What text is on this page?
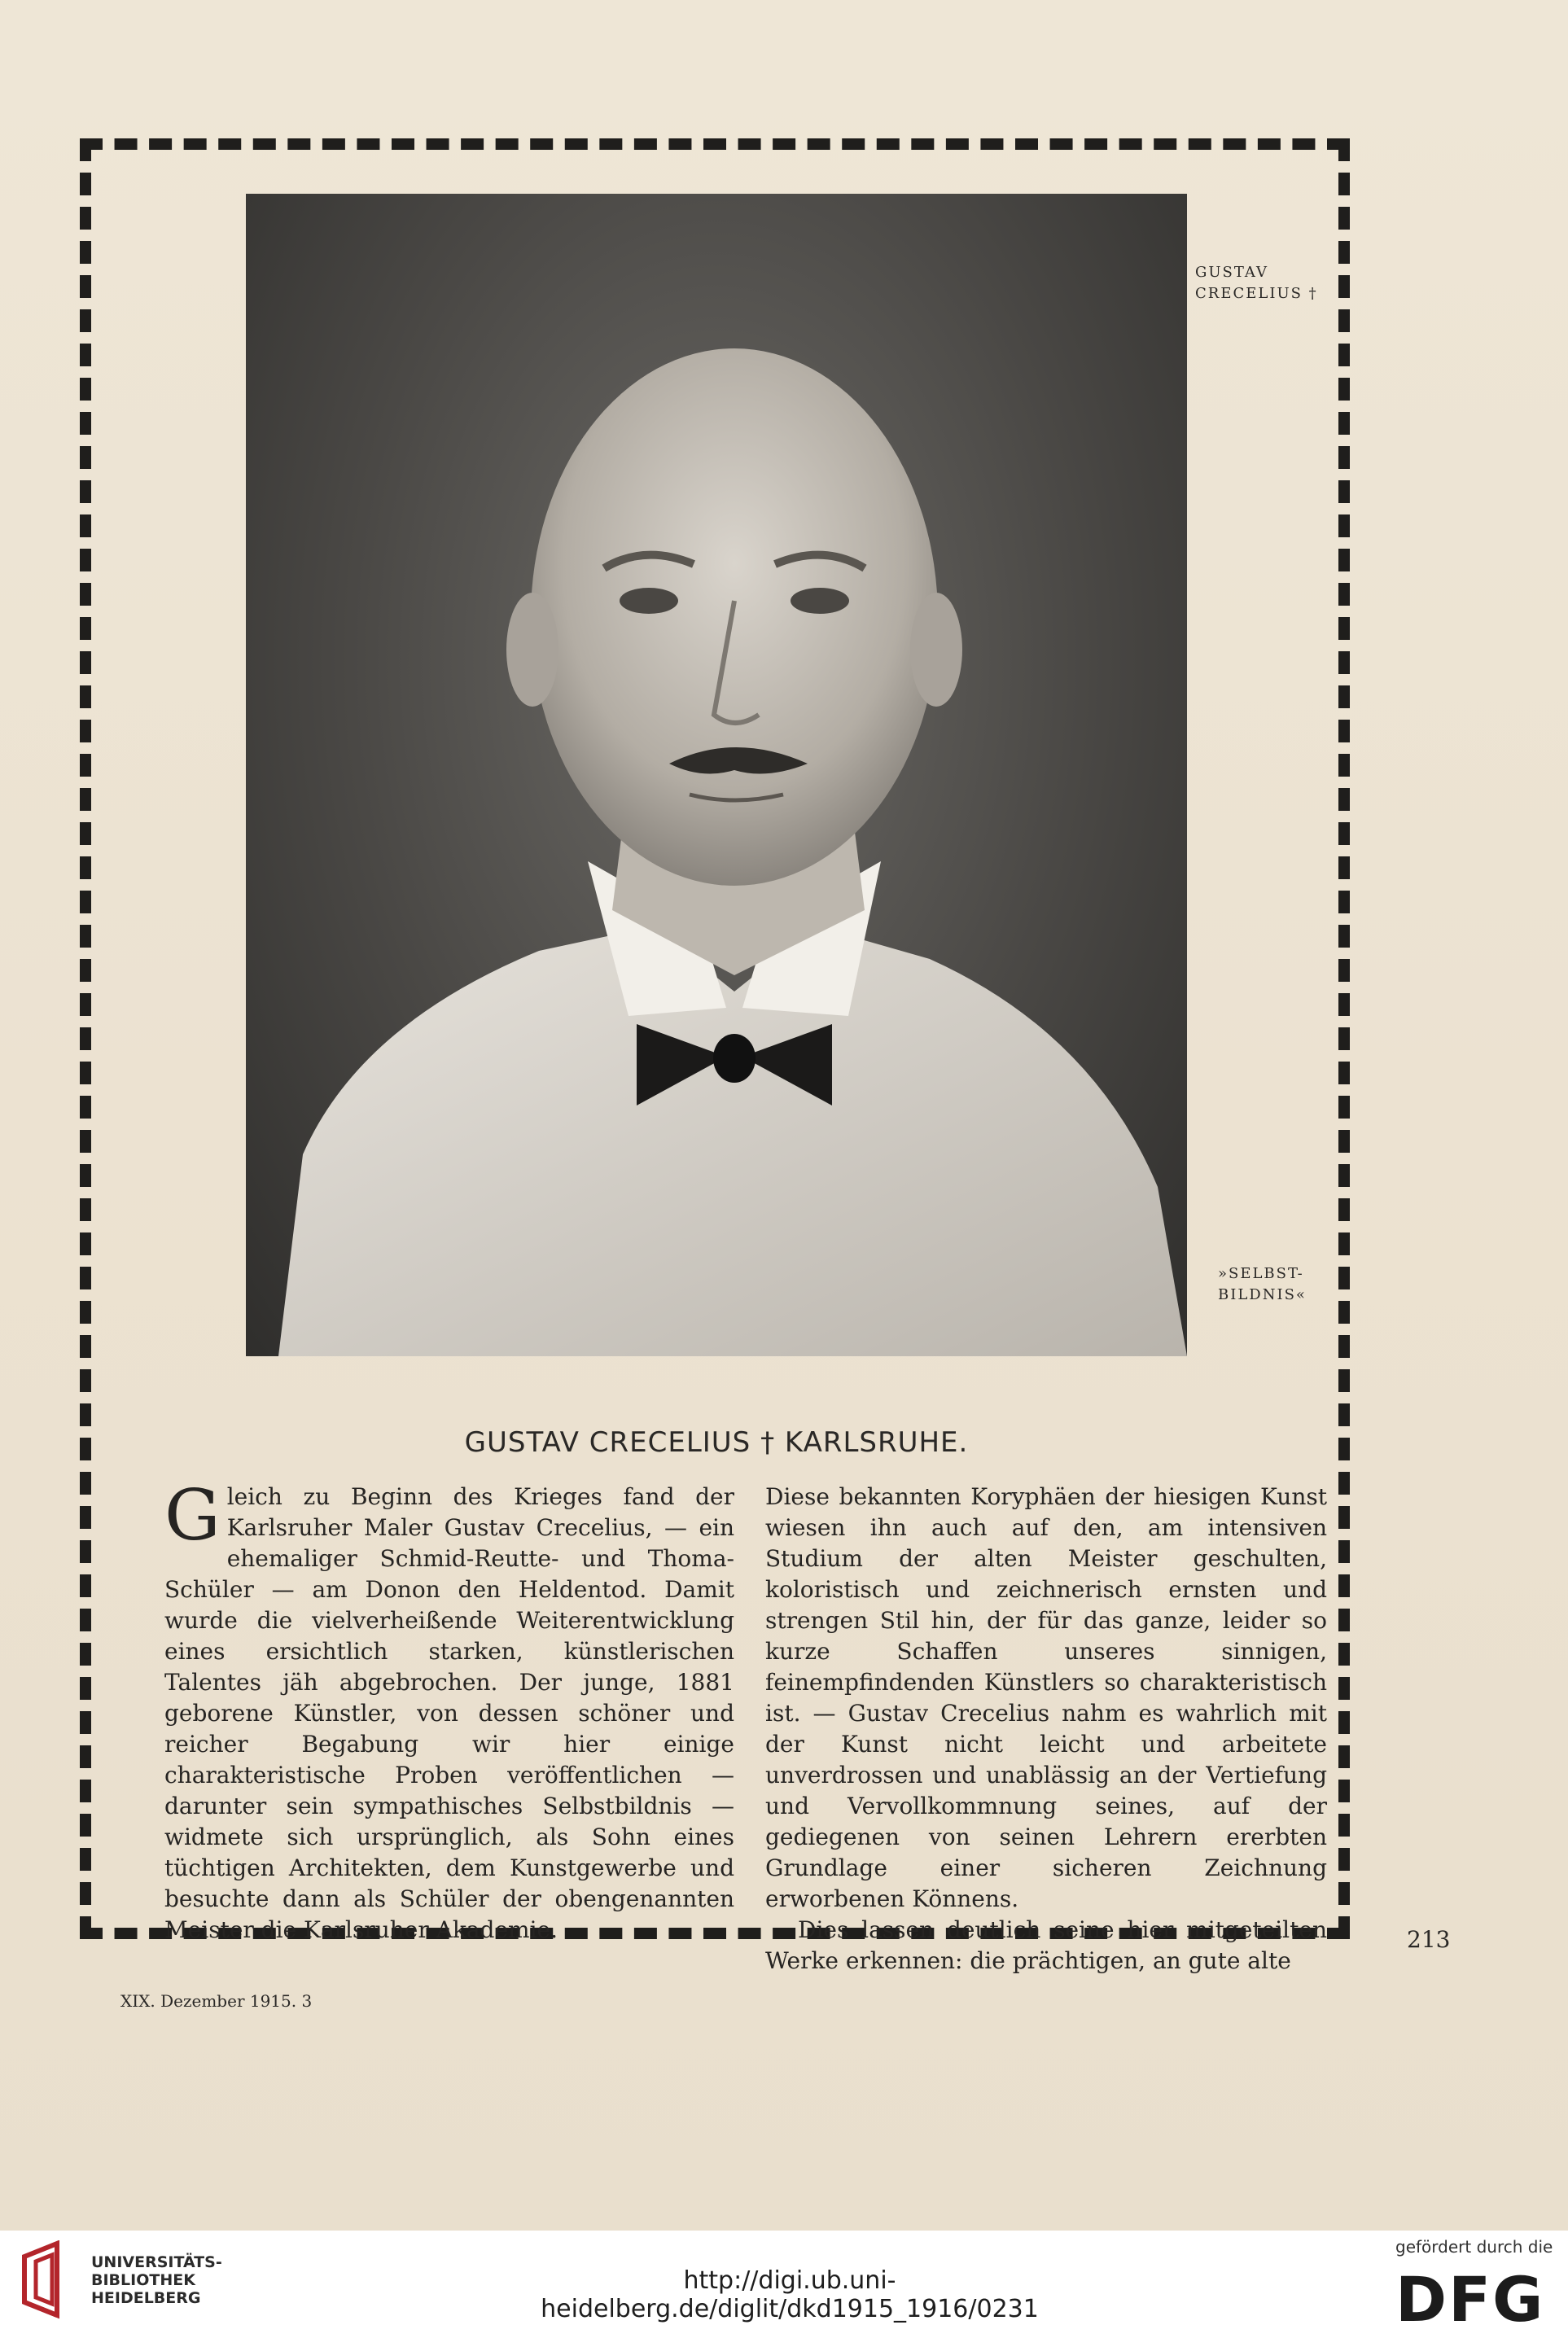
GUSTAV
CRECELIUS †
»SELBST-
BILDNIS«
GUSTAV CRECELIUS † KARLSRUHE.

Gleich zu Beginn des Krieges fand der Karlsruher Maler Gustav Crecelius, — ein ehemaliger Schmid-Reutte- und Thoma-Schüler — am Donon den Heldentod. Damit wurde die vielverheißende Weiterentwicklung eines ersichtlich starken, künstlerischen Talentes jäh abgebrochen. Der junge, 1881 geborene Künstler, von dessen schöner und reicher Begabung wir hier einige charakteristische Proben veröffentlichen — darunter sein sympathisches Selbstbildnis — widmete sich ursprünglich, als Sohn eines tüchtigen Architekten, dem Kunstgewerbe und besuchte dann als Schüler der obengenannten Meister die Karlsruher Akademie.

Diese bekannten Koryphäen der hiesigen Kunst wiesen ihn auch auf den, am intensiven Studium der alten Meister geschulten, koloristisch und zeichnerisch ernsten und strengen Stil hin, der für das ganze, leider so kurze Schaffen unseres sinnigen, feinempfindenden Künstlers so charakteristisch ist. — Gustav Crecelius nahm es wahrlich mit der Kunst nicht leicht und arbeitete unverdrossen und unablässig an der Vertiefung und Vervollkommnung seines, auf der gediegenen von seinen Lehrern ererbten Grundlage einer sicheren Zeichnung erworbenen Könnens.

Dies lassen deutlich seine hier mitgeteilten Werke erkennen: die prächtigen, an gute alte

213
XIX. Dezember 1915. 3
UNIVERSITÄTS-
BIBLIOTHEK
HEIDELBERG
http://digi.ub.uni-heidelberg.de/diglit/dkd1915_1916/0231
gefördert durch die
DFG
